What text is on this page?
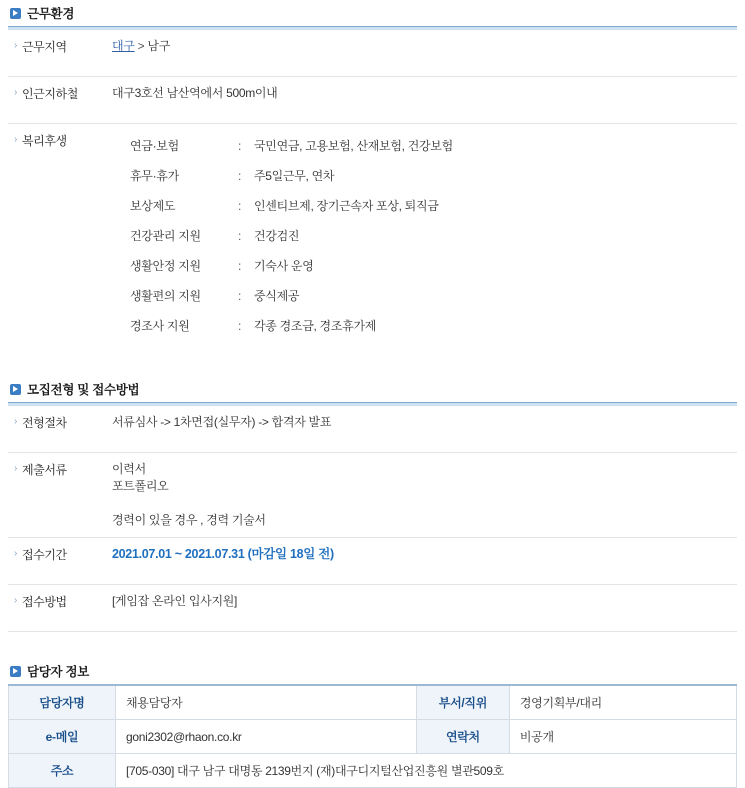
근무환경
› 근무지역	대구 > 남구
› 인근지하철	대구3호선 남산역에서 500m이내
› 복리후생	연금·보험	:	국민연금, 고용보험, 산재보험, 건강보험
휴무·휴가	:	주5일근무, 연차
보상제도	:	인센티브제, 장기근속자 포상, 퇴직금
건강관리 지원	:	건강검진
생활안정 지원	:	기숙사 운영
생활편의 지원	:	중식제공
경조사 지원	:	각종 경조금, 경조휴가제
모집전형 및 접수방법
› 전형절차	서류심사 -> 1차면접(실무자) -> 합격자 발표
› 제출서류	이력서
포트폴리오

경력이 있을 경우 , 경력 기술서
› 접수기간	2021.07.01 ~ 2021.07.31 (마감일 18일 전)
› 접수방법	[게임잡 온라인 입사지원]
담당자 정보
담당자명	채용담당자	부서/직위	경영기획부/대리
e-메일	goni2302@rhaon.co.kr	연락처	비공개
주소	[705-030] 대구 남구 대명동 2139번지 (재)대구디지털산업진흥원 별관509호		
